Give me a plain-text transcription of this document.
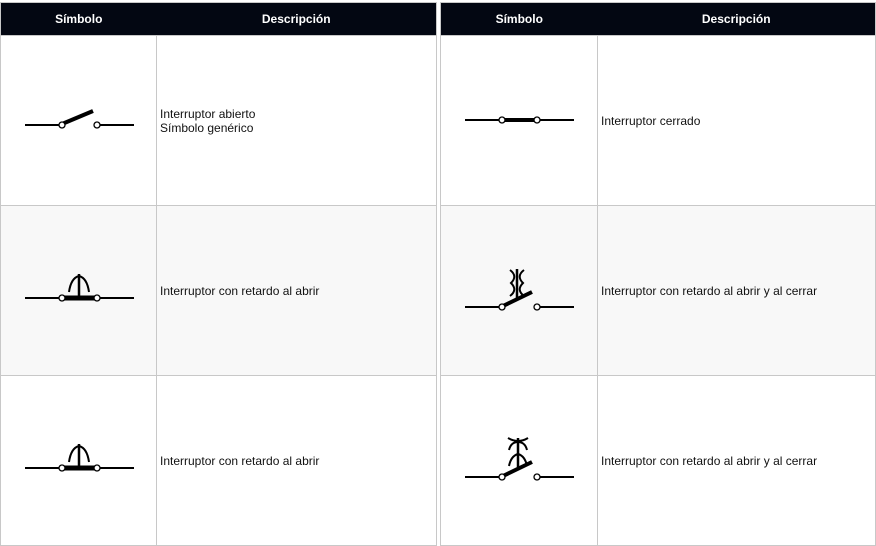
Símbolo	Descripción

Interruptor abierto
Símbolo genérico

Interruptor con retardo al abrir

Interruptor con retardo al abrir
Símbolo	Descripción

Interruptor cerrado

Interruptor con retardo al abrir y al cerrar

Interruptor con retardo al abrir y al cerrar
